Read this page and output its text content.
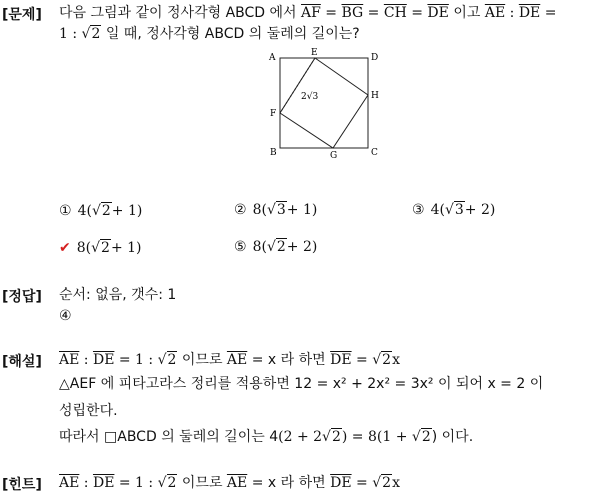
[문제] 다음 그림과 같이 정사각형 ABCD 에서 $\overline{AF} = \overline{BG} = \overline{CH} = \overline{DE}$ 이고 $\overline{AE}$ : $\overline{DE}$ =
1 : √2 일 때, 정사각형 ABCD 의 둘레의 길이는?
A	E	D
H
F
B	G	C
2√3
① 4(√2+ 1)	② 8(√3+ 1)	③ 4(√3+ 2)
✔ 8(√2+ 1)	⑤ 8(√2+ 2)
[정답] 순서: 없음, 갯수: 1
④
[해설] $\overline{AE}$ : $\overline{DE} = 1$ : √2 이므로 $\overline{AE} = x$ 라 하면 $\overline{DE} = √2x$
△AEF 에 피타고라스 정리를 적용하면 12 = x² + 2x² = 3x² 이 되어 x = 2 이
성립한다.
따라서 □ABCD 의 둘레의 길이는 4(2 + 2√2) = 8(1 + √2) 이다.
[힌트] $\overline{AE}$ : $\overline{DE} = 1$ : √2 이므로 $\overline{AE} = x$ 라 하면 $\overline{DE} = √2x$
